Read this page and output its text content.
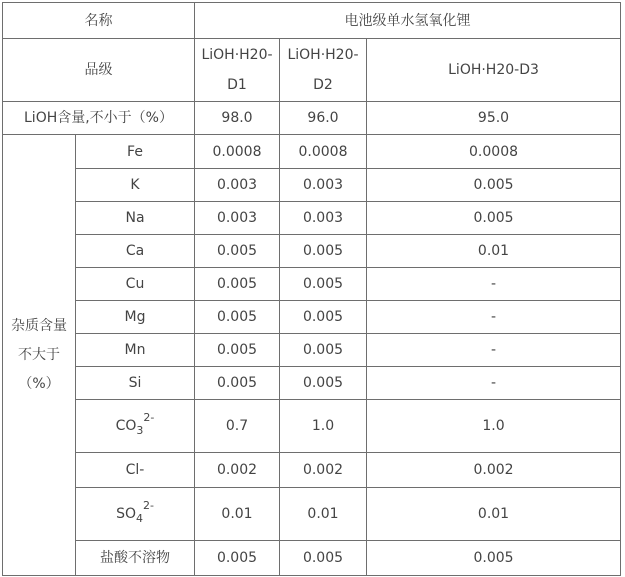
名称		电池级单水氢氧化锂		
品级		LiOH·H20-D1	LiOH·H20-D2	LiOH·H20-D3
LiOH含量,不小于（%）		98.0	96.0	95.0

杂质含量
不大于
（%）	Fe	0.0008	0.0008	0.0008
	K	0.003	0.003	0.005
	Na	0.003	0.003	0.005
	Ca	0.005	0.005	0.01
	Cu	0.005	0.005	-
	Mg	0.005	0.005	-
	Mn	0.005	0.005	-
	Si	0.005	0.005	-
	$CO_3^{2-}$	0.7	1.0	1.0
	Cl-	0.002	0.002	0.002
	$SO_4^{2-}$	0.01	0.01	0.01
	盐酸不溶物	0.005	0.005	0.005
